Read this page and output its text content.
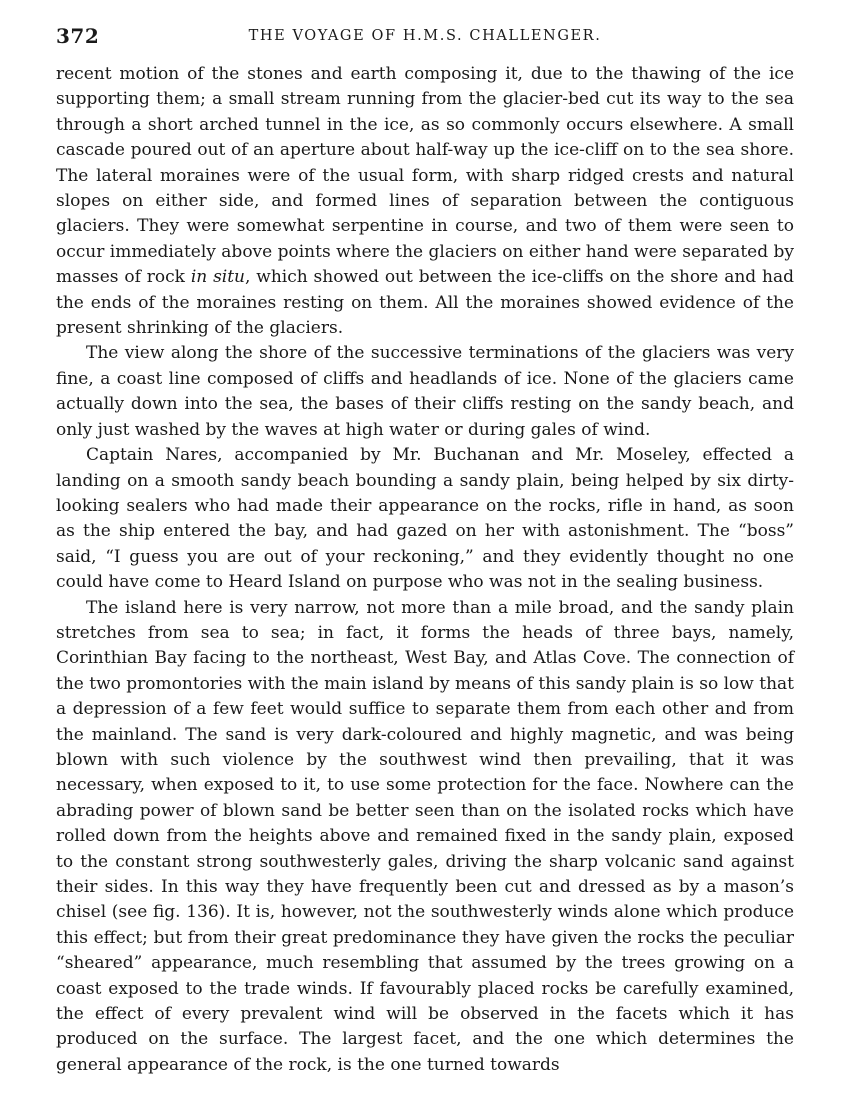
372	THE VOYAGE OF H.M.S. CHALLENGER.

recent motion of the stones and earth composing it, due to the thawing of the ice supporting them; a small stream running from the glacier-bed cut its way to the sea through a short arched tunnel in the ice, as so commonly occurs elsewhere. A small cascade poured out of an aperture about half-way up the ice-cliff on to the sea shore. The lateral moraines were of the usual form, with sharp ridged crests and natural slopes on either side, and formed lines of separation between the contiguous glaciers. They were somewhat serpentine in course, and two of them were seen to occur immediately above points where the glaciers on either hand were separated by masses of rock in situ, which showed out between the ice-cliffs on the shore and had the ends of the moraines resting on them. All the moraines showed evidence of the present shrinking of the glaciers.

The view along the shore of the successive terminations of the glaciers was very fine, a coast line composed of cliffs and headlands of ice. None of the glaciers came actually down into the sea, the bases of their cliffs resting on the sandy beach, and only just washed by the waves at high water or during gales of wind.

Captain Nares, accompanied by Mr. Buchanan and Mr. Moseley, effected a landing on a smooth sandy beach bounding a sandy plain, being helped by six dirty-looking sealers who had made their appearance on the rocks, rifle in hand, as soon as the ship entered the bay, and had gazed on her with astonishment. The “boss” said, “I guess you are out of your reckoning,” and they evidently thought no one could have come to Heard Island on purpose who was not in the sealing business.

The island here is very narrow, not more than a mile broad, and the sandy plain stretches from sea to sea; in fact, it forms the heads of three bays, namely, Corinthian Bay facing to the northeast, West Bay, and Atlas Cove. The connection of the two promontories with the main island by means of this sandy plain is so low that a depression of a few feet would suffice to separate them from each other and from the mainland. The sand is very dark-coloured and highly magnetic, and was being blown with such violence by the southwest wind then prevailing, that it was necessary, when exposed to it, to use some protection for the face. Nowhere can the abrading power of blown sand be better seen than on the isolated rocks which have rolled down from the heights above and remained fixed in the sandy plain, exposed to the constant strong southwesterly gales, driving the sharp volcanic sand against their sides. In this way they have frequently been cut and dressed as by a mason’s chisel (see fig. 136). It is, however, not the southwesterly winds alone which produce this effect; but from their great predominance they have given the rocks the peculiar “sheared” appearance, much resembling that assumed by the trees growing on a coast exposed to the trade winds. If favourably placed rocks be carefully examined, the effect of every prevalent wind will be observed in the facets which it has produced on the surface. The largest facet, and the one which determines the general appearance of the rock, is the one turned towards
